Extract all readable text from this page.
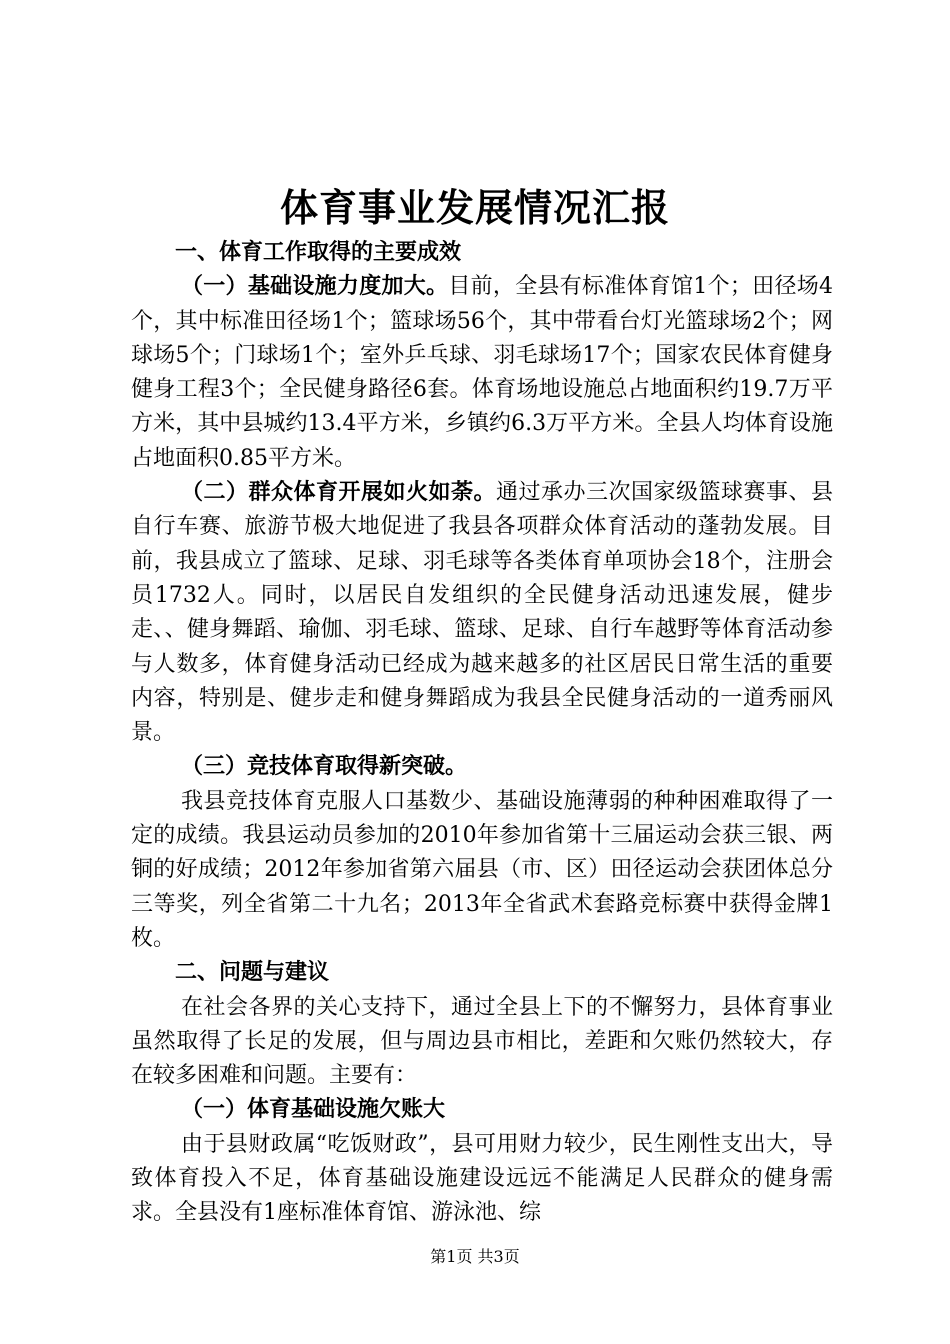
体育事业发展情况汇报

一、体育工作取得的主要成效

（一）基础设施力度加大。目前，全县有标准体育馆1个；田径场4个，其中标准田径场1个；篮球场56个，其中带看台灯光篮球场2个；网球场5个；门球场1个；室外乒乓球、羽毛球场17个；国家农民体育健身健身工程3个；全民健身路径6套。体育场地设施总占地面积约19.7万平方米，其中县城约13.4平方米，乡镇约6.3万平方米。全县人均体育设施占地面积0.85平方米。

（二）群众体育开展如火如荼。通过承办三次国家级篮球赛事、县自行车赛、旅游节极大地促进了我县各项群众体育活动的蓬勃发展。目前，我县成立了篮球、足球、羽毛球等各类体育单项协会18个，注册会员1732人。同时，以居民自发组织的全民健身活动迅速发展，健步走、、健身舞蹈、瑜伽、羽毛球、篮球、足球、自行车越野等体育活动参与人数多，体育健身活动已经成为越来越多的社区居民日常生活的重要内容，特别是、健步走和健身舞蹈成为我县全民健身活动的一道秀丽风景。

（三）竞技体育取得新突破。

我县竞技体育克服人口基数少、基础设施薄弱的种种困难取得了一定的成绩。我县运动员参加的2010年参加省第十三届运动会获三银、两铜的好成绩；2012年参加省第六届县（市、区）田径运动会获团体总分三等奖，列全省第二十九名；2013年全省武术套路竞标赛中获得金牌1枚。

二、问题与建议

在社会各界的关心支持下，通过全县上下的不懈努力，县体育事业虽然取得了长足的发展，但与周边县市相比，差距和欠账仍然较大，存在较多困难和问题。主要有：

（一）体育基础设施欠账大

由于县财政属“吃饭财政”，县可用财力较少，民生刚性支出大，导致体育投入不足，体育基础设施建设远远不能满足人民群众的健身需求。全县没有1座标准体育馆、游泳池、综

第1页 共3页
